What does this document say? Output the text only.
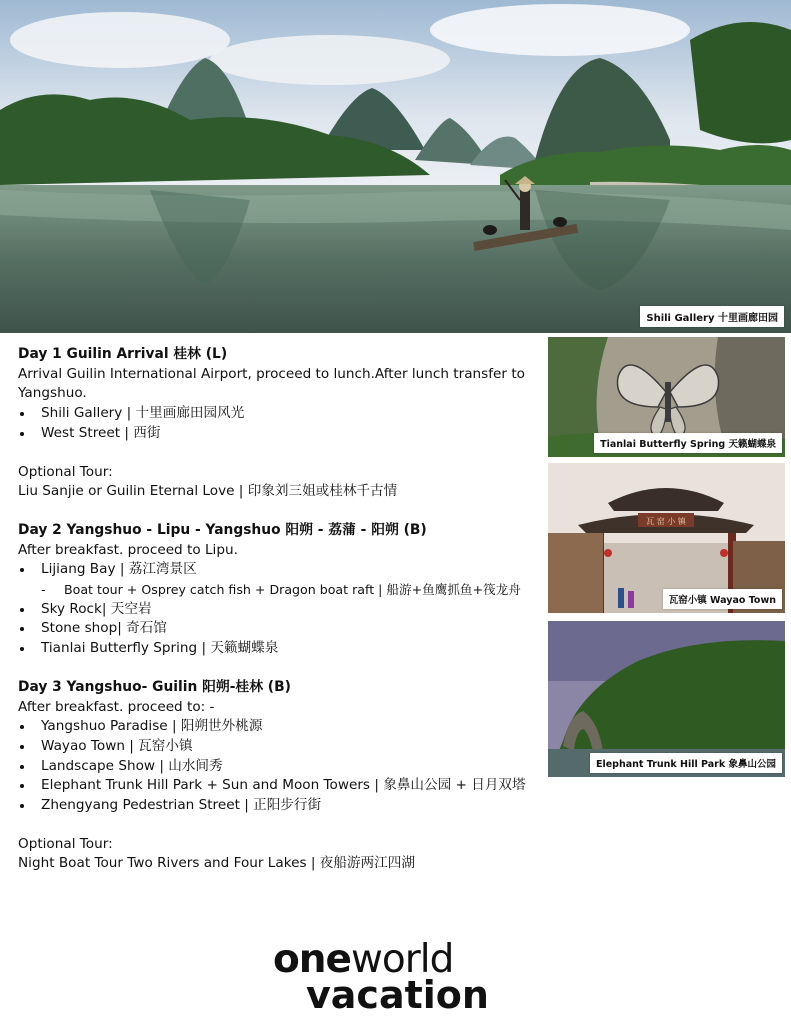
Shili Gallery 十里画廊田园
Tianlai Butterfly Spring 天籁蝴蝶泉
瓦 窑 小 镇
瓦窑小镇 Wayao Town
Elephant Trunk Hill Park 象鼻山公园

Day 1 Guilin Arrival 桂林 (L)

Arrival Guilin International Airport, proceed to lunch.After lunch transfer to Yangshuo.

Shili Gallery | 十里画廊田园风光
West Street | 西街

Optional Tour:

Liu Sanjie or Guilin Eternal Love | 印象刘三姐或桂林千古情

Day 2 Yangshuo - Lipu - Yangshuo 阳朔 - 荔蒲 - 阳朔 (B)

After breakfast. proceed to Lipu.

Lijiang Bay | 荔江湾景区
- Boat tour + Osprey catch fish + Dragon boat raft | 船游+鱼鹰抓鱼+筏龙舟
Sky Rock| 天空岩
Stone shop| 奇石馆
Tianlai Butterfly Spring | 天籁蝴蝶泉

Day 3 Yangshuo- Guilin 阳朔-桂林 (B)

After breakfast. proceed to: -

Yangshuo Paradise | 阳朔世外桃源
Wayao Town | 瓦窑小镇
Landscape Show | 山水间秀
Elephant Trunk Hill Park + Sun and Moon Towers | 象鼻山公园 + 日月双塔
Zhengyang Pedestrian Street | 正阳步行街

Optional Tour:

Night Boat Tour Two Rivers and Four Lakes | 夜船游两江四湖

oneworld
vacation
